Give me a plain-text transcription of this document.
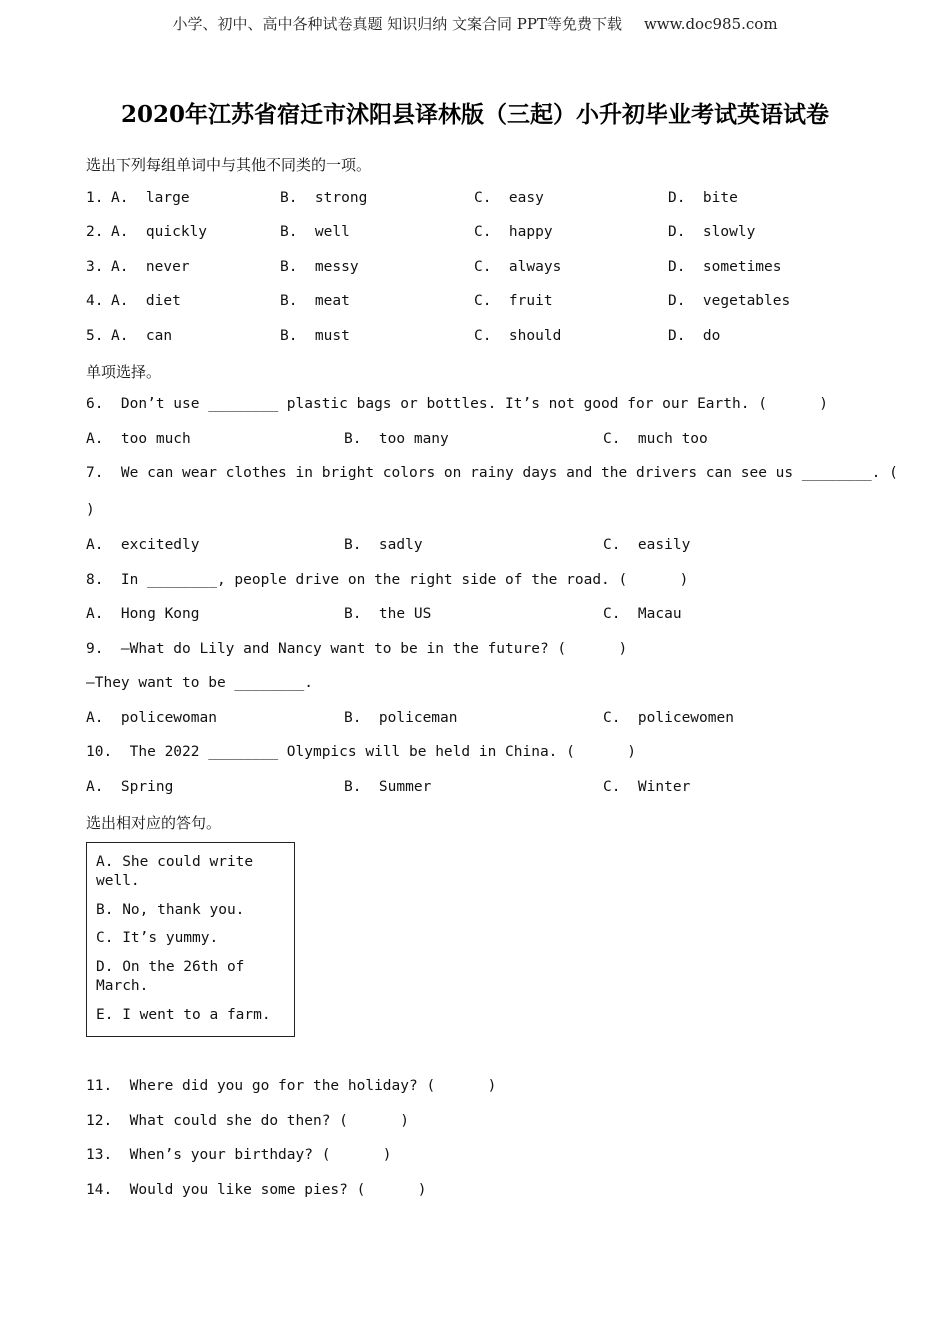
小学、初中、高中各种试卷真题 知识归纳 文案合同 PPT等免费下载 www.doc985.com
2020年江苏省宿迁市沭阳县译林版（三起）小升初毕业考试英语试卷
选出下列每组单词中与其他不同类的一项。
1. A.  large	B.  strong	C.  easy	D.  bite
2. A.  quickly	B.  well	C.  happy	D.  slowly
3. A.  never	B.  messy	C.  always	D.  sometimes
4. A.  diet	B.  meat	C.  fruit	D.  vegetables
5. A.  can	B.  must	C.  should	D.  do
单项选择。
6.  Don’t use ________ plastic bags or bottles. It’s not good for our Earth. (      )
A.  too much	B.  too many	C.  much too
7.  We can wear clothes in bright colors on rainy days and the drivers can see us ________. (
)
A.  excitedly	B.  sadly	C.  easily
8.  In ________, people drive on the right side of the road. (      )
A.  Hong Kong	B.  the US	C.  Macau
9.  —What do Lily and Nancy want to be in the future? (      )
—They want to be ________.
A.  policewoman	B.  policeman	C.  policewomen
10.  The 2022 ________ Olympics will be held in China. (      )
A.  Spring	B.  Summer	C.  Winter
选出相对应的答句。
A. She could write well.
B. No, thank you.
C. It’s yummy.
D. On the 26th of March.
E. I went to a farm.
11.  Where did you go for the holiday? (      )
12.  What could she do then? (      )
13.  When’s your birthday? (      )
14.  Would you like some pies? (      )
